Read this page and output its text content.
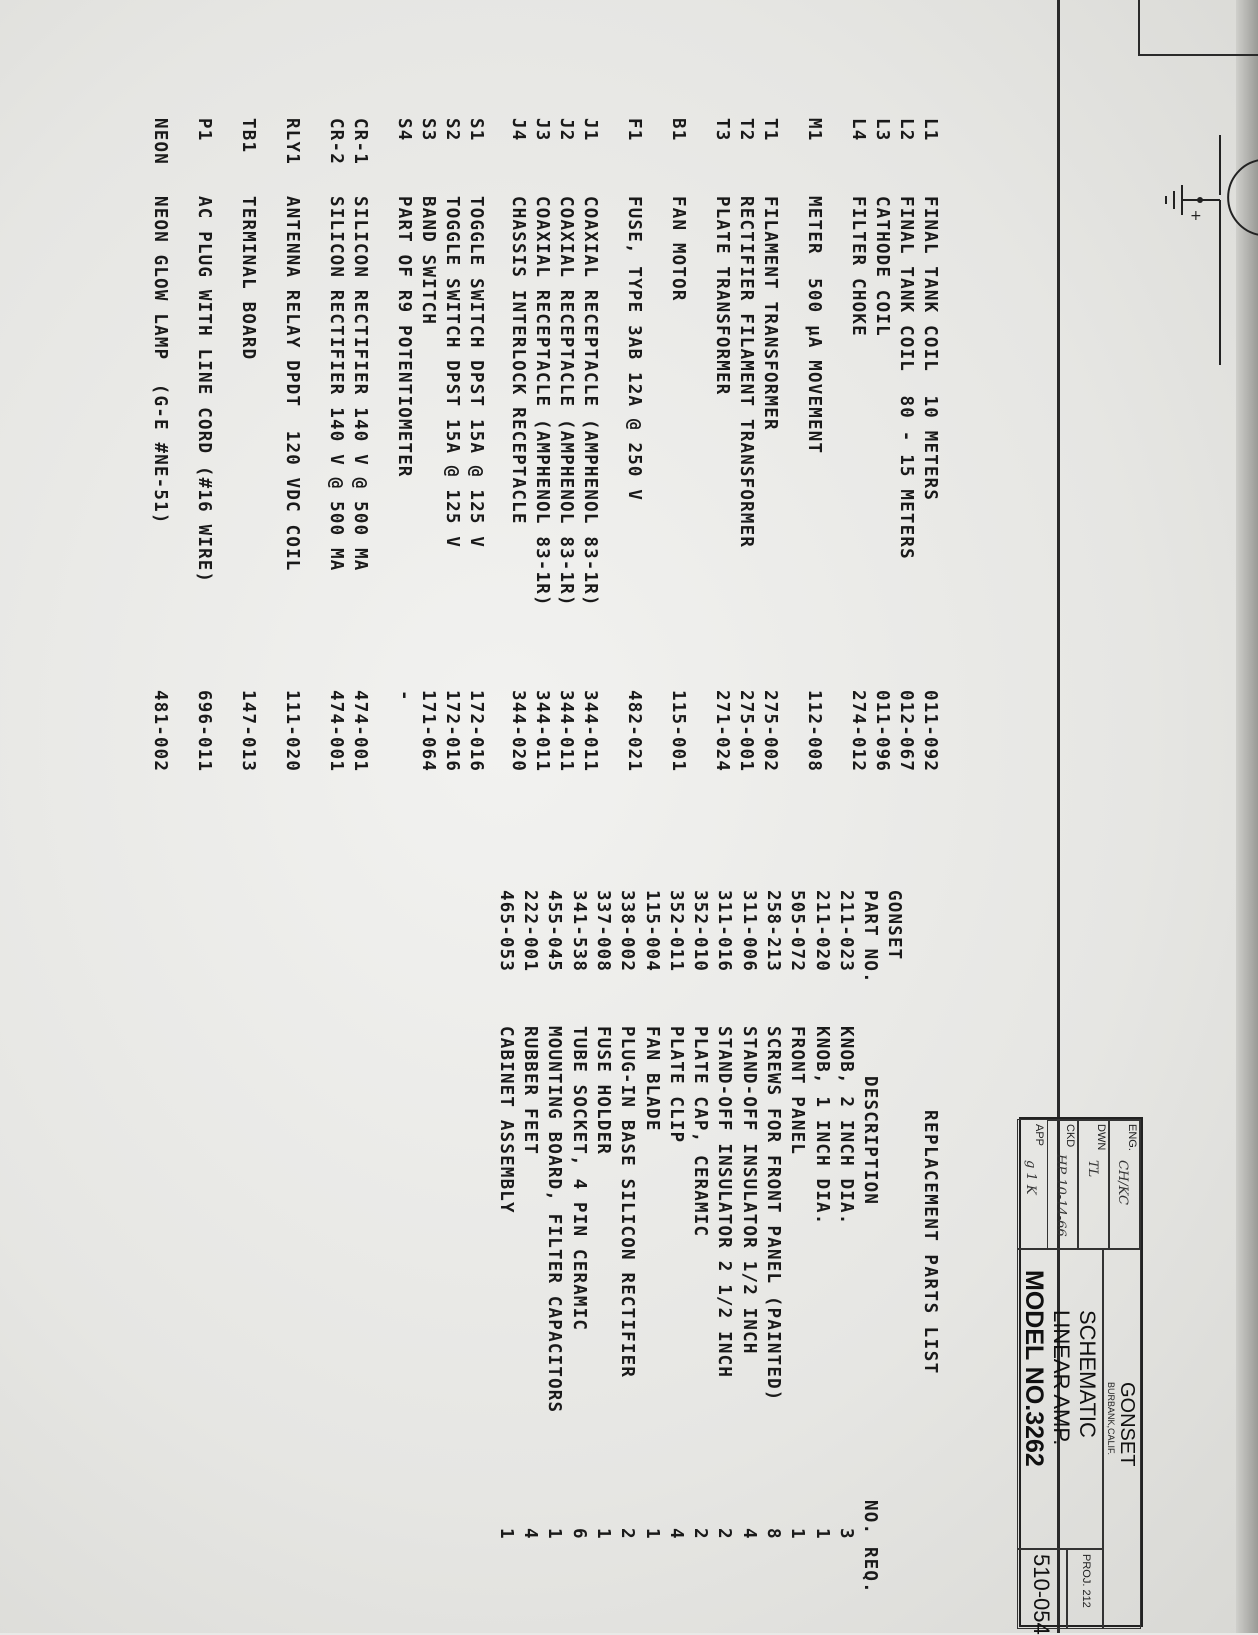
+
L1
FINAL TANK COIL  10 METERS
011-092
L2
FINAL TANK COIL  80 - 15 METERS
012-067
L3
CATHODE COIL
011-096
L4
FILTER CHOKE
274-012
M1
METER  500 μA MOVEMENT
112-008
T1
FILAMENT TRANSFORMER
275-002
T2
RECTIFIER FILAMENT TRANSFORMER
275-001
T3
PLATE TRANSFORMER
271-024
B1
FAN MOTOR
115-001
F1
FUSE, TYPE 3AB 12A @ 250 V
482-021
J1
COAXIAL RECEPTACLE (AMPHENOL 83-1R)
344-011
J2
COAXIAL RECEPTACLE (AMPHENOL 83-1R)
344-011
J3
COAXIAL RECEPTACLE (AMPHENOL 83-1R)
344-011
J4
CHASSIS INTERLOCK RECEPTACLE
344-020
S1
TOGGLE SWITCH DPST 15A @ 125 V
172-016
S2
TOGGLE SWITCH DPST 15A @ 125 V
172-016
S3
BAND SWITCH
171-064
S4
PART OF R9 POTENTIOMETER
-
CR-1
SILICON RECTIFIER 140 V @ 500 MA
474-001
CR-2
SILICON RECTIFIER 140 V @ 500 MA
474-001
RLY1
ANTENNA RELAY DPDT  120 VDC COIL
111-020
TB1
TERMINAL BOARD
147-013
P1
AC PLUG WITH LINE CORD (#16 WIRE)
696-011
NEON
NEON GLOW LAMP  (G-E #NE-51)
481-002
REPLACEMENT PARTS LIST
GONSET
PART NO.
DESCRIPTION
NO. REQ.
211-023
KNOB, 2 INCH DIA.
3
211-020
KNOB, 1 INCH DIA.
1
505-072
FRONT PANEL
1
258-213
SCREWS FOR FRONT PANEL (PAINTED)
8
311-006
STAND-OFF INSULATOR 1/2 INCH
4
311-016
STAND-OFF INSULATOR 2 1/2 INCH
2
352-010
PLATE CAP, CERAMIC
2
352-011
PLATE CLIP
4
115-004
FAN BLADE
1
338-002
PLUG-IN BASE SILICON RECTIFIER
2
337-008
FUSE HOLDER
1
341-538
TUBE SOCKET, 4 PIN CERAMIC
6
455-045
MOUNTING BOARD, FILTER CAPACITORS
1
222-001
RUBBER FEET
4
465-053
CABINET ASSEMBLY
1
ENG.
CH/KC
DWN
TL
CKD
HP 10-14-66
APP
g 1 K
GONSET
BURBANK,CALIF.
SCHEMATIC
LINEAR AMP.
MODEL NO.3262
PROJ. 212
510-054
